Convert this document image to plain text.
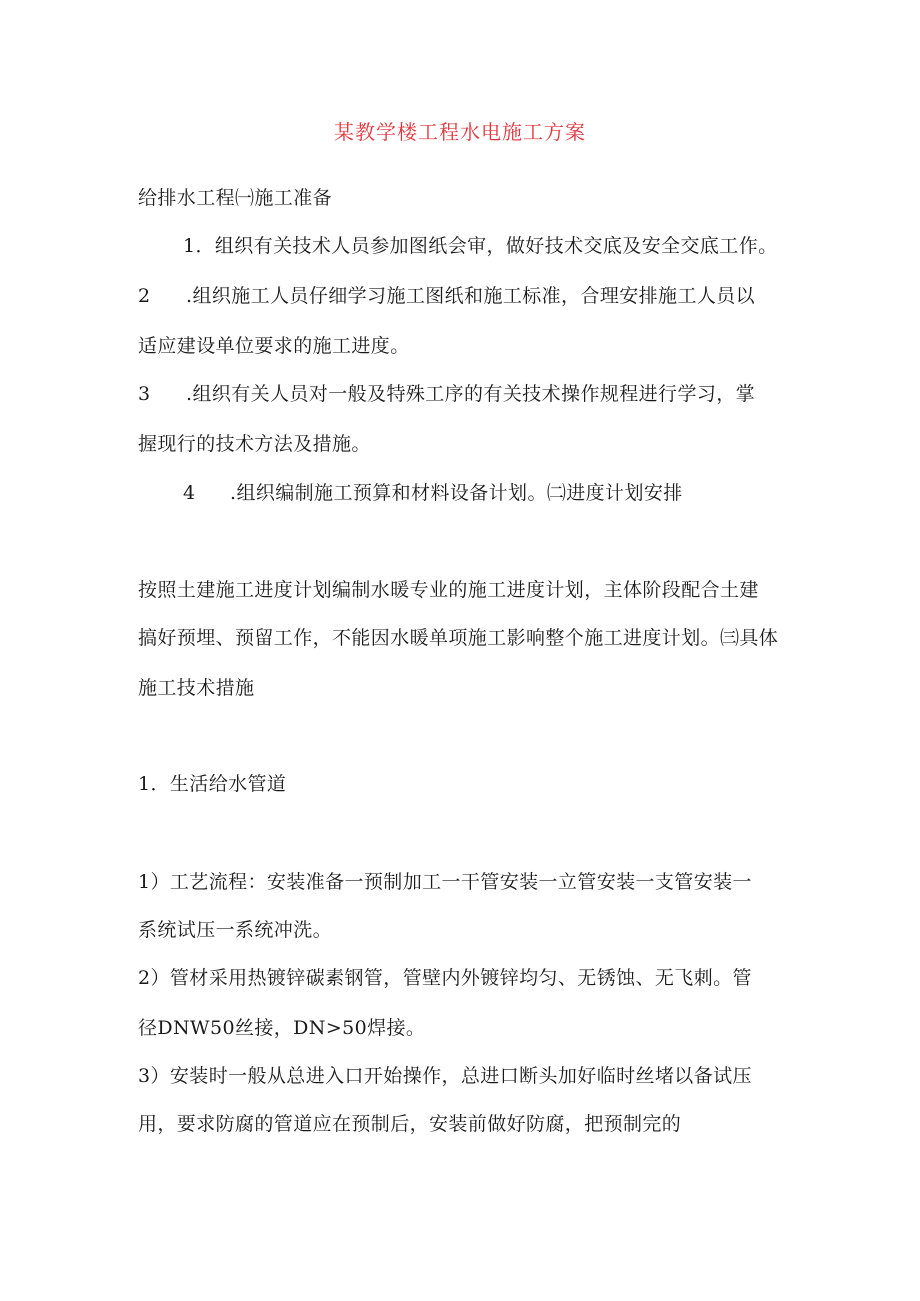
某教学楼工程水电施工方案
给排水工程㈠施工准备
1．组织有关技术人员参加图纸会审，做好技术交底及安全交底工作。
2 .组织施工人员仔细学习施工图纸和施工标准，合理安排施工人员以
适应建设单位要求的施工进度。
3 .组织有关人员对一般及特殊工序的有关技术操作规程进行学习，掌
握现行的技术方法及措施。
4 .组织编制施工预算和材料设备计划。㈡进度计划安排
按照土建施工进度计划编制水暖专业的施工进度计划，主体阶段配合土建
搞好预埋、预留工作，不能因水暖单项施工影响整个施工进度计划。㈢具体
施工技术措施
1．生活给水管道
1）工艺流程：安装准备一预制加工一干管安装一立管安装一支管安装一
系统试压一系统冲洗。
2）管材采用热镀锌碳素钢管，管壁内外镀锌均匀、无锈蚀、无飞刺。管
径DNW50丝接，DN>50焊接。
3）安装时一般从总进入口开始操作，总进口断头加好临时丝堵以备试压
用，要求防腐的管道应在预制后，安装前做好防腐，把预制完的
